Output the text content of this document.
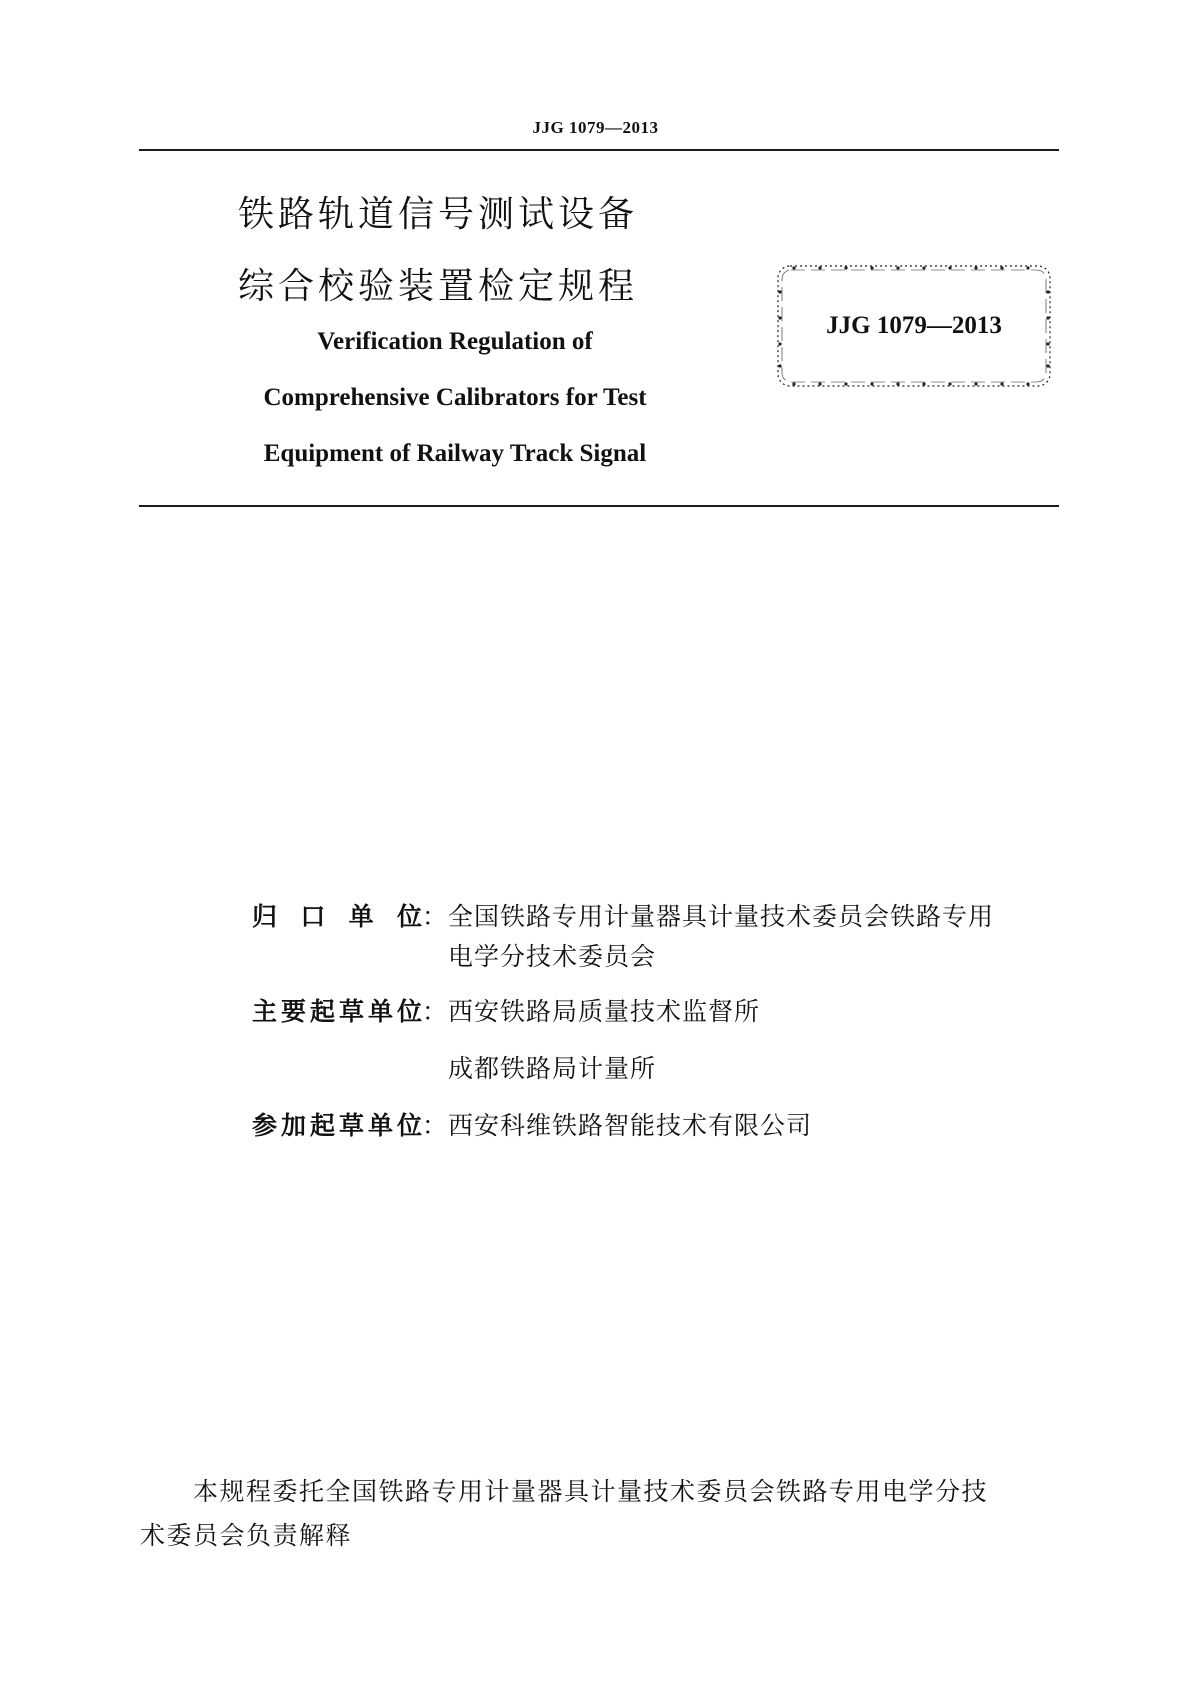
JJG 1079—2013
铁路轨道信号测试设备
综合校验装置检定规程
Verification Regulation of
Comprehensive Calibrators for Test
Equipment of Railway Track Signal
JJG 1079—2013
归口单位 ： 全国铁路专用计量器具计量技术委员会铁路专用
电学分技术委员会
主要起草单位 ： 西安铁路局质量技术监督所
成都铁路局计量所
参加起草单位 ： 西安科维铁路智能技术有限公司
本规程委托全国铁路专用计量器具计量技术委员会铁路专用电学分技
术委员会负责解释
